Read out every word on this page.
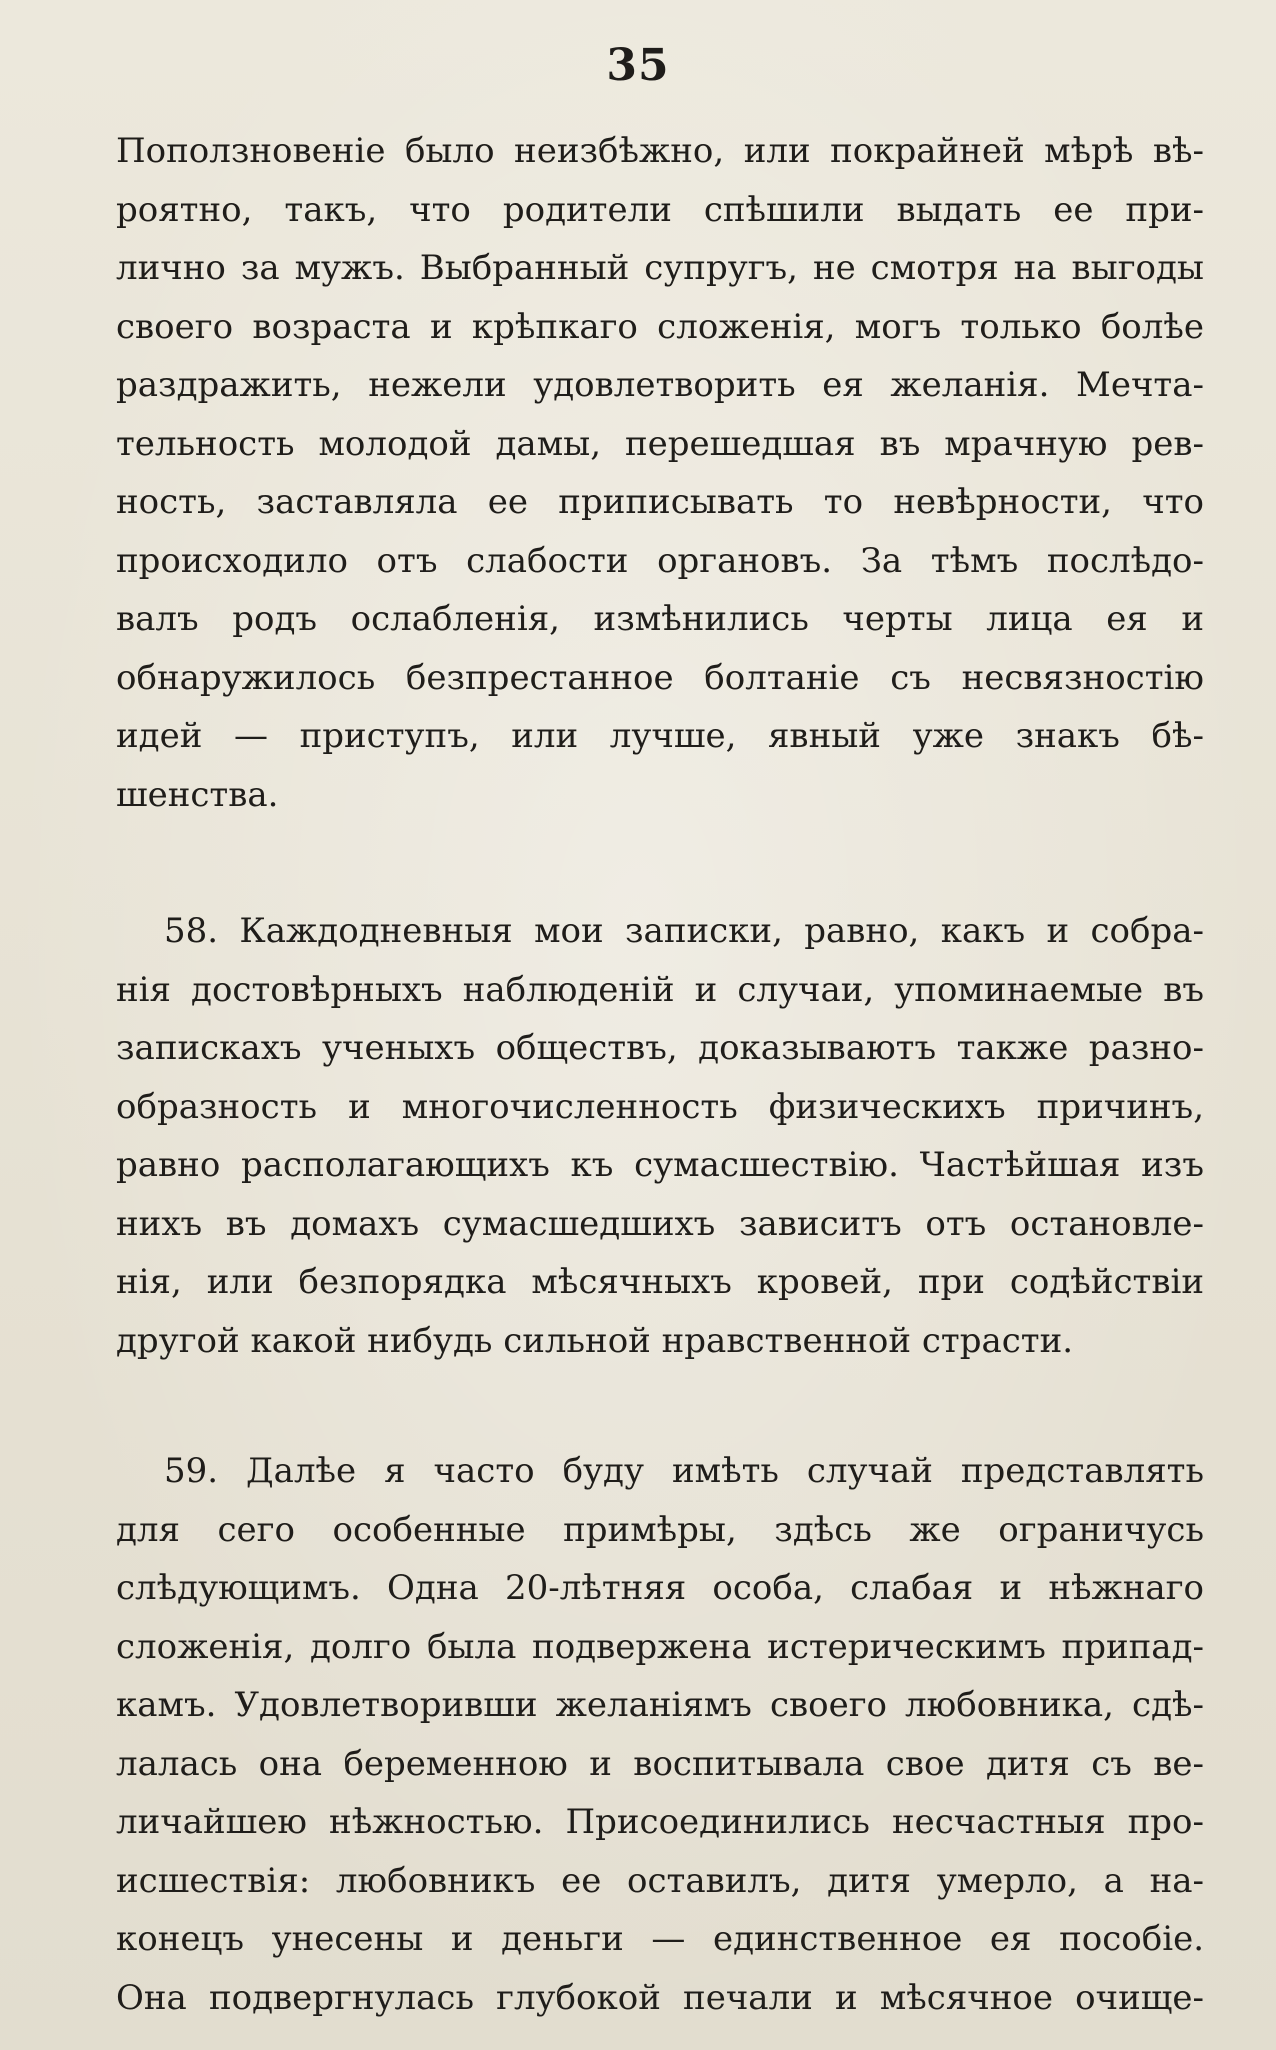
35
Поползновеніе было неизбѣжно, или покрайней мѣрѣ вѣ-
роятно, такъ, что родители спѣшили выдать ее при-
лично за мужъ. Выбранный супругъ, не смотря на выгоды
своего возраста и крѣпкаго сложенія, могъ только болѣе
раздражить, нежели удовлетворить ея желанія. Мечта-
тельность молодой дамы, перешедшая въ мрачную рев-
ность, заставляла ее приписывать то невѣрности, что
происходило отъ слабости органовъ. За тѣмъ послѣдо-
валъ родъ ослабленія, измѣнились черты лица ея и
обнаружилось безпрестанное болтаніе съ несвязностію
идей — приступъ, или лучше, явный уже знакъ бѣ-
шенства.
58. Каждодневныя мои записки, равно, какъ и собра-
нія достовѣрныхъ наблюденій и случаи, упоминаемые въ
запискахъ ученыхъ обществъ, доказываютъ также разно-
образность и многочисленность физическихъ причинъ,
равно располагающихъ къ сумасшествію. Частѣйшая изъ
нихъ въ домахъ сумасшедшихъ зависитъ отъ остановле-
нія, или безпорядка мѣсячныхъ кровей, при содѣйствіи
другой какой нибудь сильной нравственной страсти.
59. Далѣе я часто буду имѣть случай представлять
для сего особенные примѣры, здѣсь же ограничусь
слѣдующимъ. Одна 20-лѣтняя особа, слабая и нѣжнаго
сложенія, долго была подвержена истерическимъ припад-
камъ. Удовлетворивши желаніямъ своего любовника, сдѣ-
лалась она беременною и воспитывала свое дитя съ ве-
личайшею нѣжностью. Присоединились несчастныя про-
исшествія: любовникъ ее оставилъ, дитя умерло, а на-
конецъ унесены и деньги — единственное ея пособіе.
Она подвергнулась глубокой печали и мѣсячное очище-
